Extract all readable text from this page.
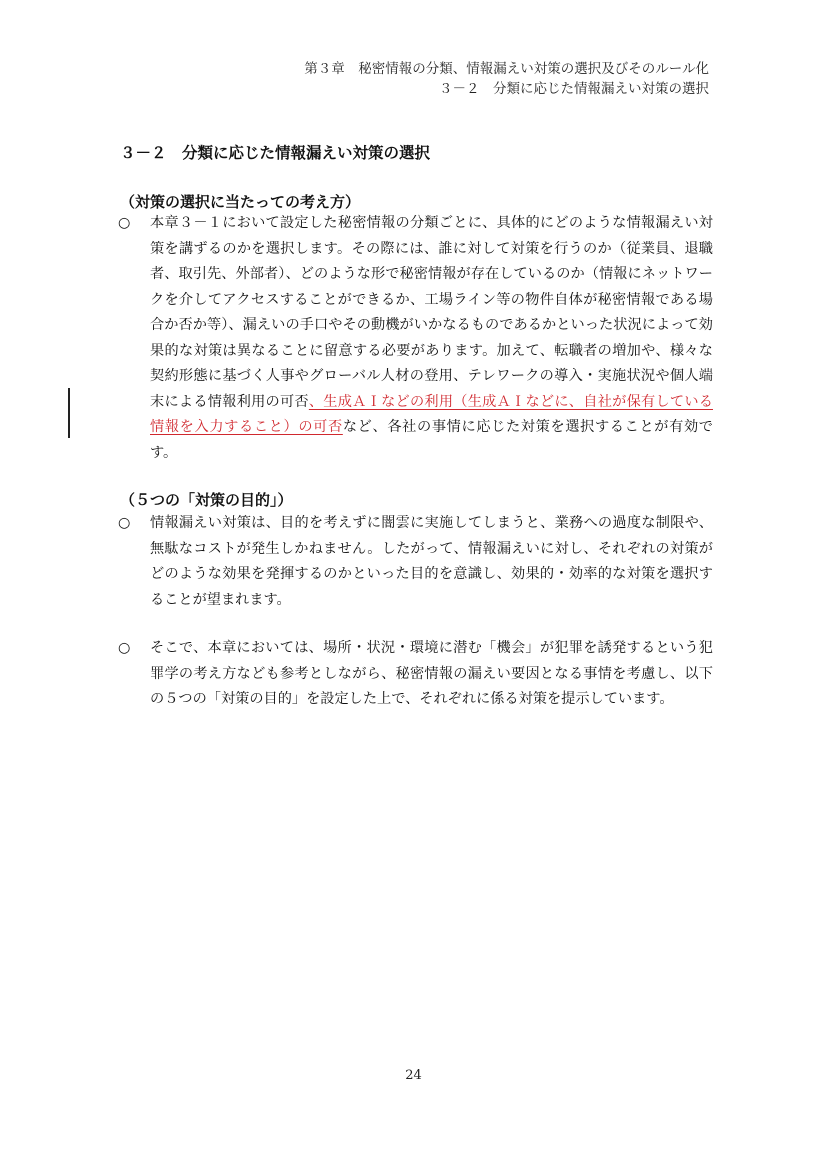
第３章　秘密情報の分類、情報漏えい対策の選択及びそのルール化
３－２　分類に応じた情報漏えい対策の選択
３－２　分類に応じた情報漏えい対策の選択
（対策の選択に当たっての考え方）
○ 本章３－１において設定した秘密情報の分類ごとに、具体的にどのような情報漏えい対策を講ずるのかを選択します。その際には、誰に対して対策を行うのか（従業員、退職者、取引先、外部者）、どのような形で秘密情報が存在しているのか（情報にネットワークを介してアクセスすることができるか、工場ライン等の物件自体が秘密情報である場合か否か等）、漏えいの手口やその動機がいかなるものであるかといった状況によって効果的な対策は異なることに留意する必要があります。加えて、転職者の増加や、様々な契約形態に基づく人事やグローバル人材の登用、テレワークの導入・実施状況や個人端末による情報利用の可否、生成ＡＩなどの利用（生成ＡＩなどに、自社が保有している情報を入力すること）の可否など、各社の事情に応じた対策を選択することが有効です。
（５つの「対策の目的」）
○ 情報漏えい対策は、目的を考えずに闇雲に実施してしまうと、業務への過度な制限や、無駄なコストが発生しかねません。したがって、情報漏えいに対し、それぞれの対策がどのような効果を発揮するのかといった目的を意識し、効果的・効率的な対策を選択することが望まれます。
○ そこで、本章においては、場所・状況・環境に潜む「機会」が犯罪を誘発するという犯罪学の考え方なども参考としながら、秘密情報の漏えい要因となる事情を考慮し、以下の５つの「対策の目的」を設定した上で、それぞれに係る対策を提示しています。
24
